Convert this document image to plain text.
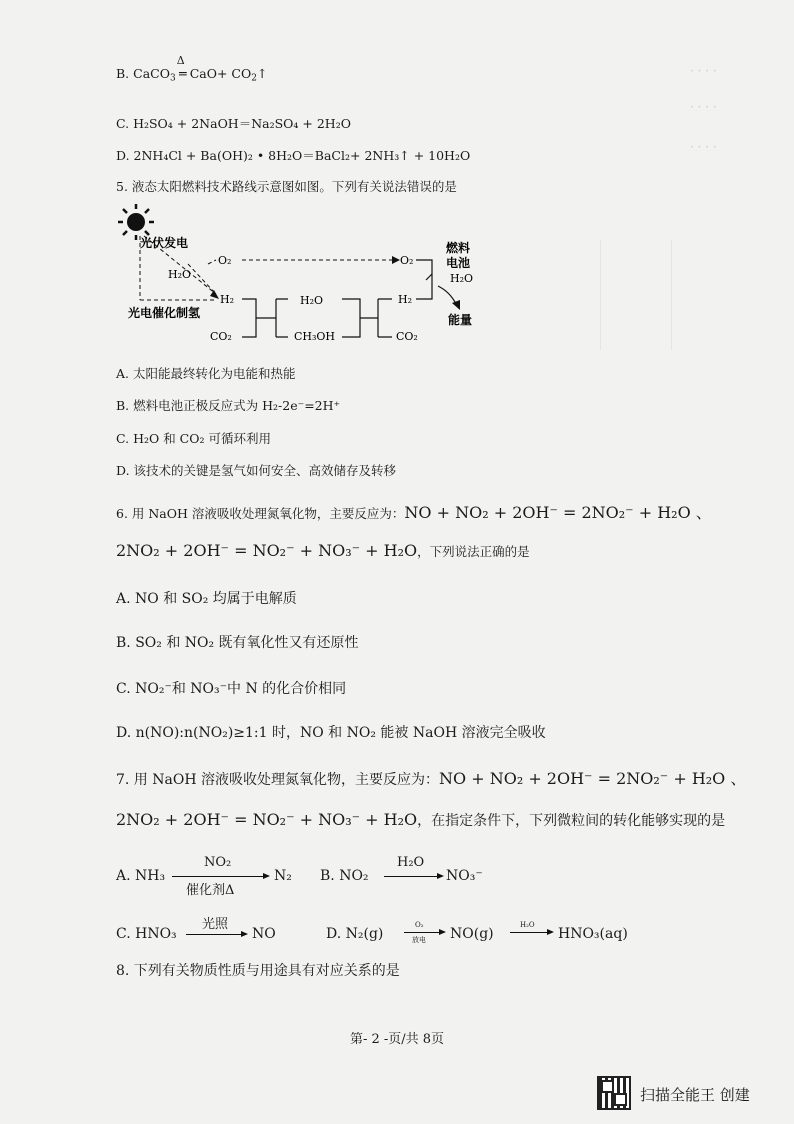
· · · ·
· · · ·
· · · ·
B. CaCO$_3$
Δ
═ $CaO+ CO_2↑$
C. H₂SO₄ + 2NaOH＝Na₂SO₄ + 2H₂O
D. 2NH₄Cl + Ba(OH)₂ • 8H₂O＝BaCl₂+ 2NH₃↑ + 10H₂O
5. 液态太阳燃料技术路线示意图如图。下列有关说法错误的是
光伏发电
H₂O
O₂
H₂
光电催化制氢
CO₂
H₂O
CH₃OH
H₂
CO₂
O₂
燃料
电池
H₂O
能量
A. 太阳能最终转化为电能和热能
B. 燃料电池正极反应式为 H₂-2e⁻=2H⁺
C. H₂O 和 CO₂ 可循环利用
D. 该技术的关键是氢气如何安全、高效储存及转移
6. 用 NaOH 溶液吸收处理氮氧化物，主要反应为：NO + NO₂ + 2OH⁻ = 2NO₂⁻ + H₂O 、
2NO₂ + 2OH⁻ = NO₂⁻ + NO₃⁻ + H₂O，下列说法正确的是
A. NO 和 SO₂ 均属于电解质
B. SO₂ 和 NO₂ 既有氧化性又有还原性
C. NO₂⁻和 NO₃⁻中 N 的化合价相同
D. n(NO):n(NO₂)≥1:1 时，NO 和 NO₂ 能被 NaOH 溶液完全吸收
7. 用 NaOH 溶液吸收处理氮氧化物，主要反应为：NO + NO₂ + 2OH⁻ = 2NO₂⁻ + H₂O 、
2NO₂ + 2OH⁻ = NO₂⁻ + NO₃⁻ + H₂O，在指定条件下，下列微粒间的转化能够实现的是
A. NH₃
NO₂
催化剂Δ
N₂ B. NO₂
H₂O
→ NO₃⁻
C. HNO₃
光照
→ NO	D. N₂(g)
O₂
放电 NO(g)
H₂O
→ HNO₃(aq)
8. 下列有关物质性质与用途具有对应关系的是
第- 2 -页/共 8页
扫描全能王 创建
